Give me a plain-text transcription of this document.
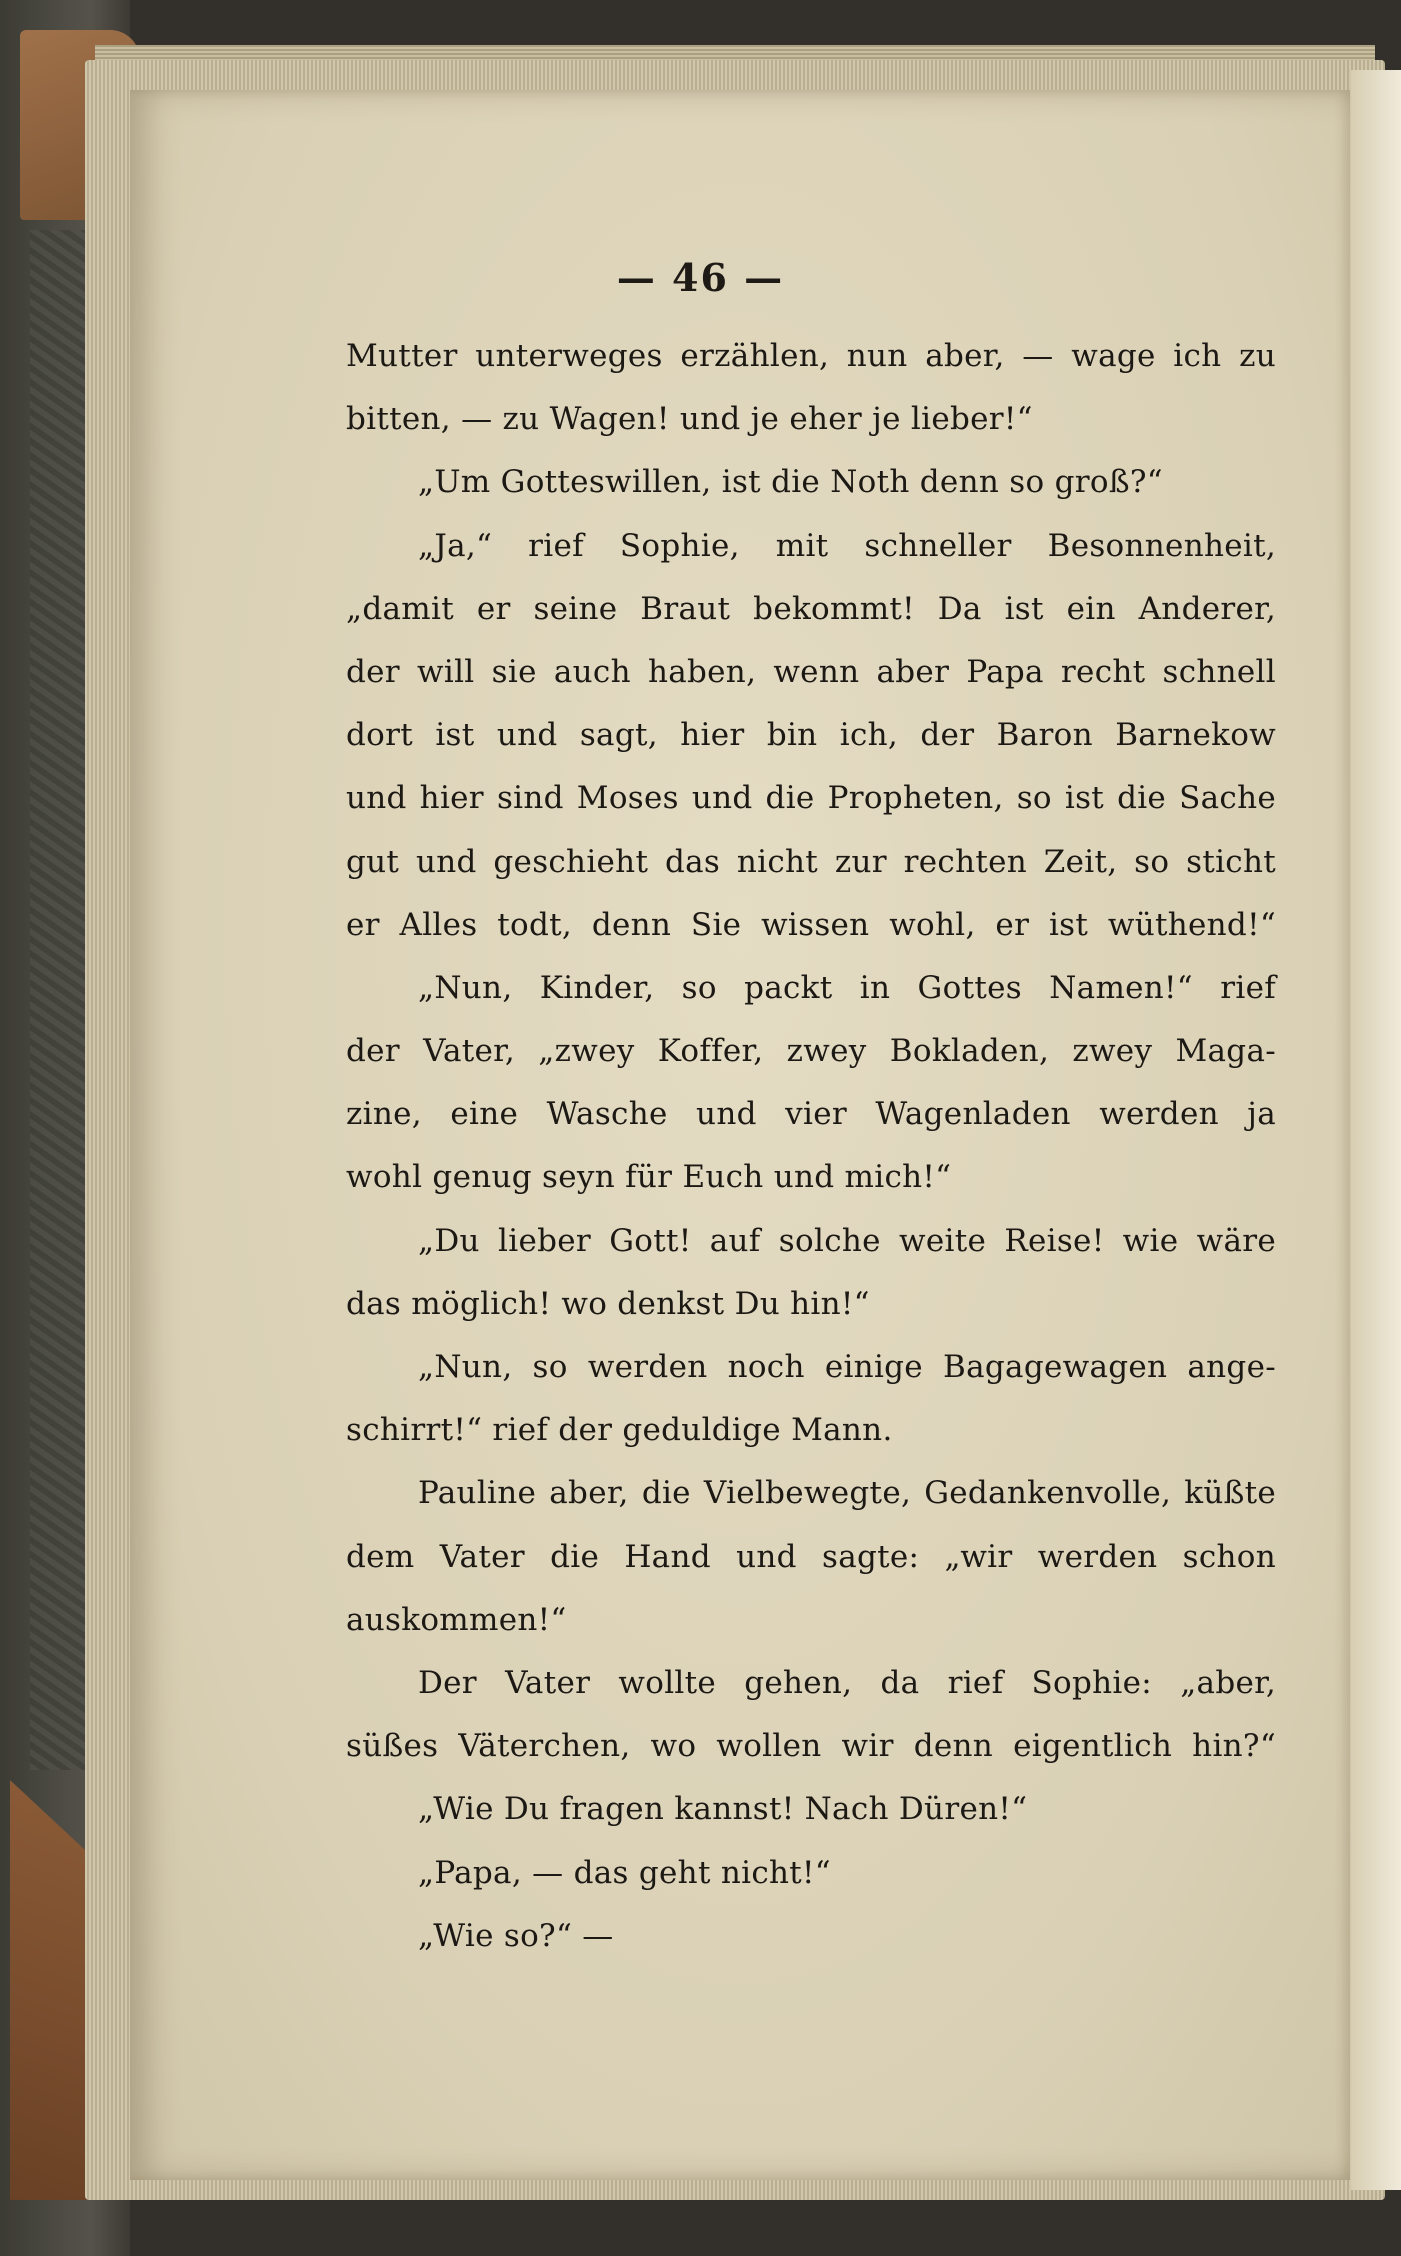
— 46 —
Mutter unterweges erzählen, nun aber, — wage ich zu
bitten, — zu Wagen! und je eher je lieber!“
„Um Gotteswillen, ist die Noth denn so groß?“
„Ja,“ rief Sophie, mit schneller Besonnenheit,
„damit er seine Braut bekommt! Da ist ein Anderer,
der will sie auch haben, wenn aber Papa recht schnell
dort ist und sagt, hier bin ich, der Baron Barnekow
und hier sind Moses und die Propheten, so ist die Sache
gut und geschieht das nicht zur rechten Zeit, so sticht
er Alles todt, denn Sie wissen wohl, er ist wüthend!“
„Nun, Kinder, so packt in Gottes Namen!“ rief
der Vater, „zwey Koffer, zwey Bokladen, zwey Maga-
zine, eine Wasche und vier Wagenladen werden ja
wohl genug seyn für Euch und mich!“
„Du lieber Gott! auf solche weite Reise! wie wäre
das möglich! wo denkst Du hin!“
„Nun, so werden noch einige Bagagewagen ange-
schirrt!“ rief der geduldige Mann.
Pauline aber, die Vielbewegte, Gedankenvolle, küßte
dem Vater die Hand und sagte: „wir werden schon
auskommen!“
Der Vater wollte gehen, da rief Sophie: „aber,
süßes Väterchen, wo wollen wir denn eigentlich hin?“
„Wie Du fragen kannst! Nach Düren!“
„Papa, — das geht nicht!“
„Wie so?“ —
